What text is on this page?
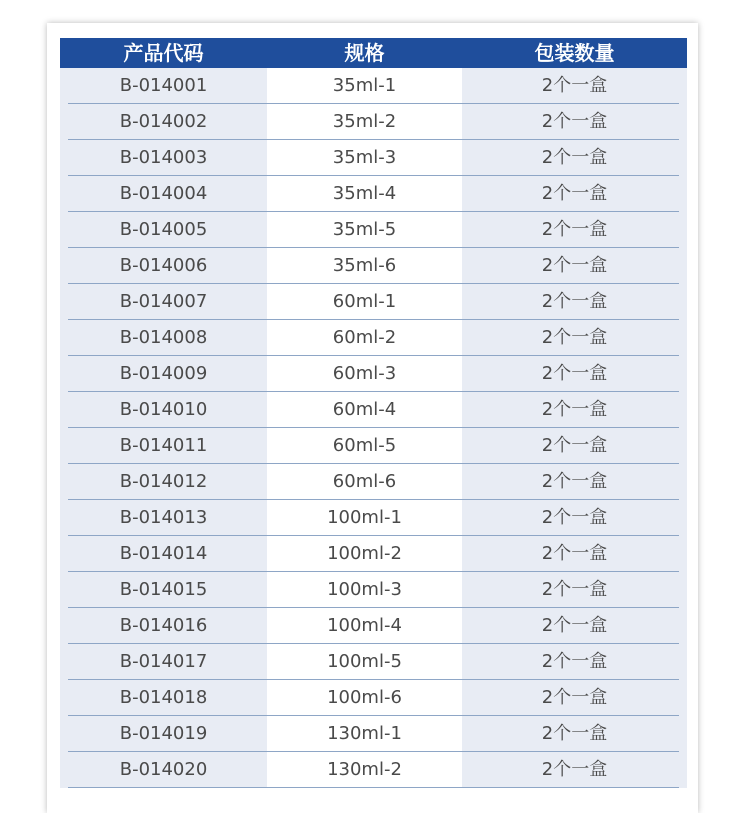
产品代码	规格	包装数量
B-014001	35ml-1	2个一盒
B-014002	35ml-2	2个一盒
B-014003	35ml-3	2个一盒
B-014004	35ml-4	2个一盒
B-014005	35ml-5	2个一盒
B-014006	35ml-6	2个一盒
B-014007	60ml-1	2个一盒
B-014008	60ml-2	2个一盒
B-014009	60ml-3	2个一盒
B-014010	60ml-4	2个一盒
B-014011	60ml-5	2个一盒
B-014012	60ml-6	2个一盒
B-014013	100ml-1	2个一盒
B-014014	100ml-2	2个一盒
B-014015	100ml-3	2个一盒
B-014016	100ml-4	2个一盒
B-014017	100ml-5	2个一盒
B-014018	100ml-6	2个一盒
B-014019	130ml-1	2个一盒
B-014020	130ml-2	2个一盒
